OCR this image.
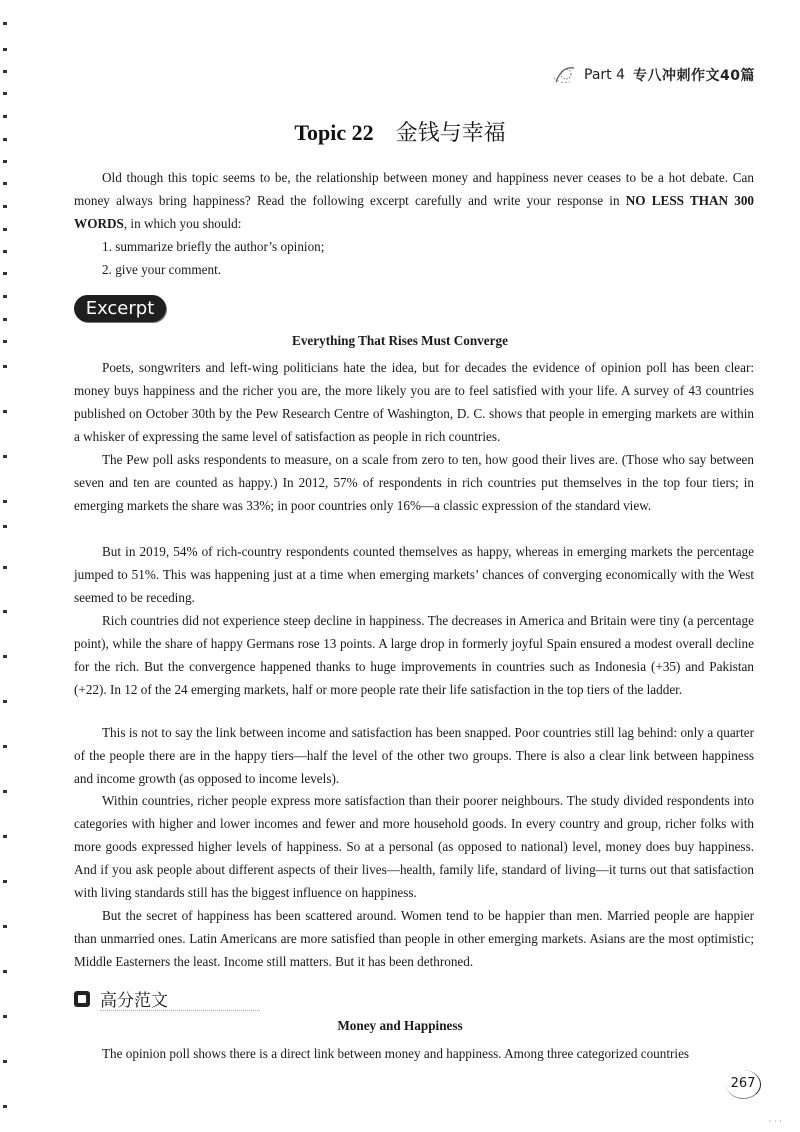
Part 4 专八冲刺作文40篇
Topic 22 金钱与幸福

Old though this topic seems to be, the relationship between money and happiness never ceases to be a hot debate. Can money always bring happiness? Read the following excerpt carefully and write your response in NO LESS THAN 300 WORDS, in which you should:

1. summarize briefly the author’s opinion;
2. give your comment.
Excerpt
Everything That Rises Must Converge

Poets, songwriters and left-wing politicians hate the idea, but for decades the evidence of opinion poll has been clear: money buys happiness and the richer you are, the more likely you are to feel satisfied with your life. A survey of 43 countries published on October 30th by the Pew Research Centre of Washington, D. C. shows that people in emerging markets are within a whisker of expressing the same level of satisfaction as people in rich countries.

The Pew poll asks respondents to measure, on a scale from zero to ten, how good their lives are. (Those who say between seven and ten are counted as happy.) In 2012, 57% of respondents in rich countries put themselves in the top four tiers; in emerging markets the share was 33%; in poor countries only 16%—a classic expression of the standard view.

But in 2019, 54% of rich-country respondents counted themselves as happy, whereas in emerging markets the percentage jumped to 51%. This was happening just at a time when emerging markets’ chances of converging economically with the West seemed to be receding.

Rich countries did not experience steep decline in happiness. The decreases in America and Britain were tiny (a percentage point), while the share of happy Germans rose 13 points. A large drop in formerly joyful Spain ensured a modest overall decline for the rich. But the convergence happened thanks to huge improvements in countries such as Indonesia (+35) and Pakistan (+22). In 12 of the 24 emerging markets, half or more people rate their life satisfaction in the top tiers of the ladder.

This is not to say the link between income and satisfaction has been snapped. Poor countries still lag behind: only a quarter of the people there are in the happy tiers—half the level of the other two groups. There is also a clear link between happiness and income growth (as opposed to income levels).

Within countries, richer people express more satisfaction than their poorer neighbours. The study divided respondents into categories with higher and lower incomes and fewer and more household goods. In every country and group, richer folks with more goods expressed higher levels of happiness. So at a personal (as opposed to national) level, money does buy happiness. And if you ask people about different aspects of their lives—health, family life, standard of living—it turns out that satisfaction with living standards still has the biggest influence on happiness.

But the secret of happiness has been scattered around. Women tend to be happier than men. Married people are happier than unmarried ones. Latin Americans are more satisfied than people in other emerging markets. Asians are the most optimistic; Middle Easterners the least. Income still matters. But it has been dethroned.

高分范文
Money and Happiness

The opinion poll shows there is a direct link between money and happiness. Among three categorized countries

267
· · ·
